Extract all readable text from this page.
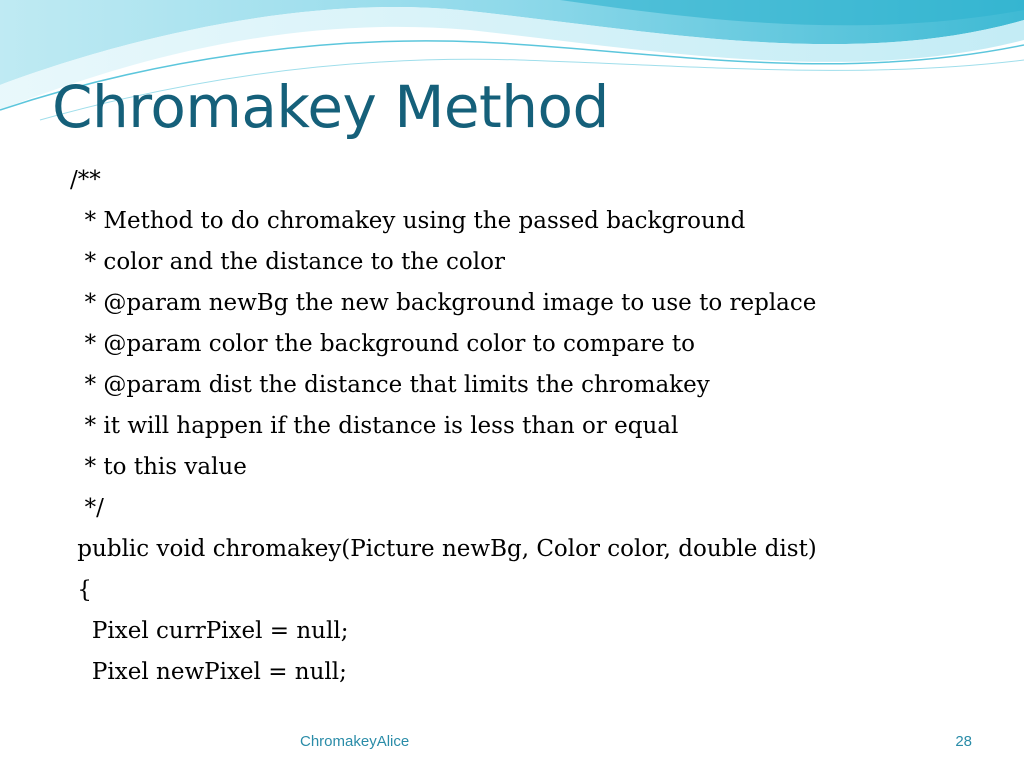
Chromakey Method
/**
* Method to do chromakey using the passed background
* color and the distance to the color
* @param newBg the new background image to use to replace
* @param color the background color to compare to
* @param dist the distance that limits the chromakey
* it will happen if the distance is less than or equal
* to this value
*/
public void chromakey(Picture newBg, Color color, double dist)
{
Pixel currPixel = null;
Pixel newPixel = null;
ChromakeyAlice	28
